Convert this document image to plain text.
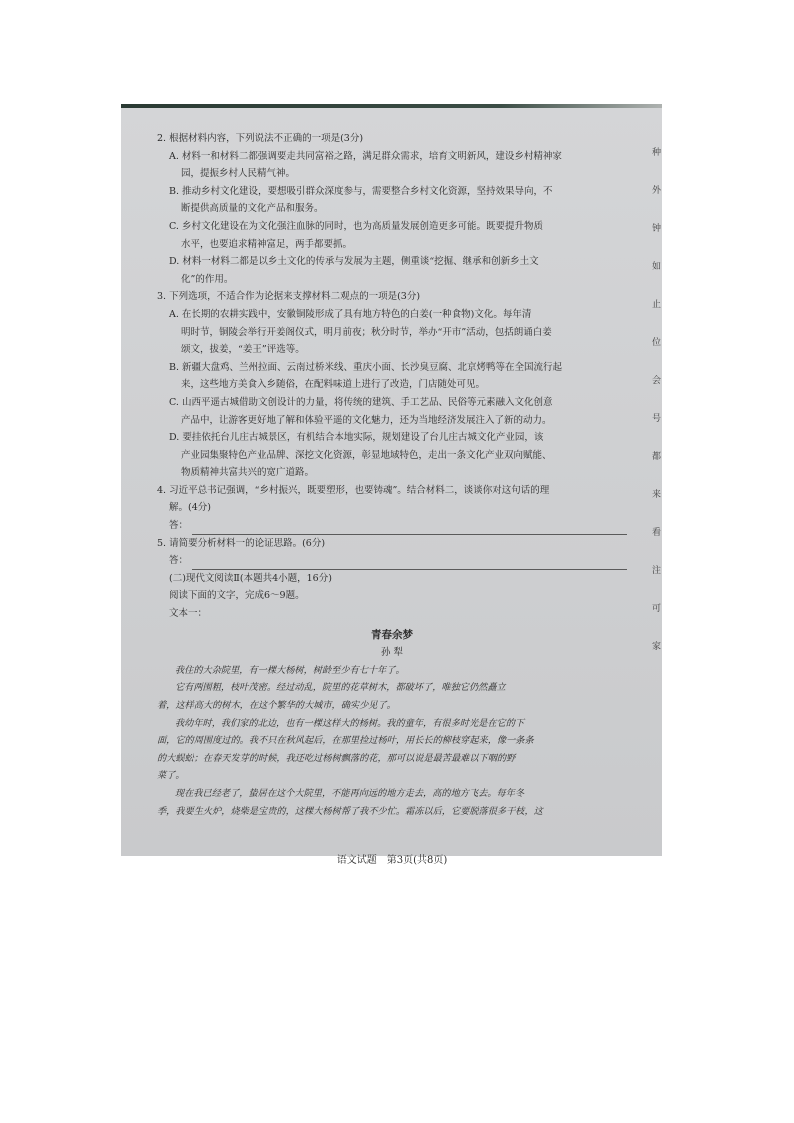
2. 根据材料内容，下列说法不正确的一项是(3分)
A. 材料一和材料二都强调要走共同富裕之路，满足群众需求，培育文明新风，建设乡村精神家
园，提振乡村人民精气神。
B. 推动乡村文化建设，要想吸引群众深度参与，需要整合乡村文化资源，坚持效果导向，不
断提供高质量的文化产品和服务。
C. 乡村文化建设在为文化强注血脉的同时，也为高质量发展创造更多可能。既要提升物质
水平，也要追求精神富足，两手都要抓。
D. 材料一材料二都是以乡土文化的传承与发展为主题，侧重谈“挖掘、继承和创新乡土文
化”的作用。
3. 下列选项，不适合作为论据来支撑材料二观点的一项是(3分)
A. 在长期的农耕实践中，安徽铜陵形成了具有地方特色的白姜(一种食物)文化。每年清
明时节，铜陵会举行开姜阁仪式，明月前夜；秋分时节，举办“开市”活动，包括朗诵白姜
颂文，拔姜，“姜王”评选等。
B. 新疆大盘鸡、兰州拉面、云南过桥米线、重庆小面、长沙臭豆腐、北京烤鸭等在全国流行起
来，这些地方美食入乡随俗，在配料味道上进行了改造，门店随处可见。
C. 山西平遥古城借助文创设计的力量，将传统的建筑、手工艺品、民俗等元素融入文化创意
产品中，让游客更好地了解和体验平遥的文化魅力，还为当地经济发展注入了新的动力。
D. 要挂依托台儿庄古城景区，有机结合本地实际，规划建设了台儿庄古城文化产业园，该
产业园集聚特色产业品牌、深挖文化资源，彰显地域特色，走出一条文化产业双向赋能、
物质精神共富共兴的宽广道路。
4. 习近平总书记强调，“乡村振兴，既要塑形，也要铸魂”。结合材料二，谈谈你对这句话的理
解。(4分)
答：
5. 请简要分析材料一的论证思路。(6分)
答：
(二)现代文阅读Ⅱ(本题共4小题，16分)
阅读下面的文字，完成6～9题。
文本一：
青春余梦
孙 犁

我住的大杂院里，有一棵大杨树，树龄至少有七十年了。

它有两围粗，枝叶茂密。经过动乱，院里的花草树木，都破坏了，唯独它仍然矗立

着，这样高大的树木，在这个繁华的大城市，确实少见了。

我幼年时，我们家的北边，也有一棵这样大的杨树。我的童年，有很多时光是在它的下

面，它的周围度过的。我不只在秋风起后，在那里捡过杨叶，用长长的柳枝穿起来，像一条条
的大蜈蚣；在春天发芽的时候，我还吃过杨树飘落的花，那可以说是最苦最难以下咽的野
菜了。

现在我已经老了，蛰居在这个大院里，不能再向远的地方走去，高的地方飞去。每年冬

季，我要生火炉，烧柴是宝贵的，这棵大杨树帮了我不少忙。霜冻以后，它要脱落很多干枝，这
语文试题　第3页(共8页)
种
外
钟
如
止
位
会
号
都
来
看
注
可
家
